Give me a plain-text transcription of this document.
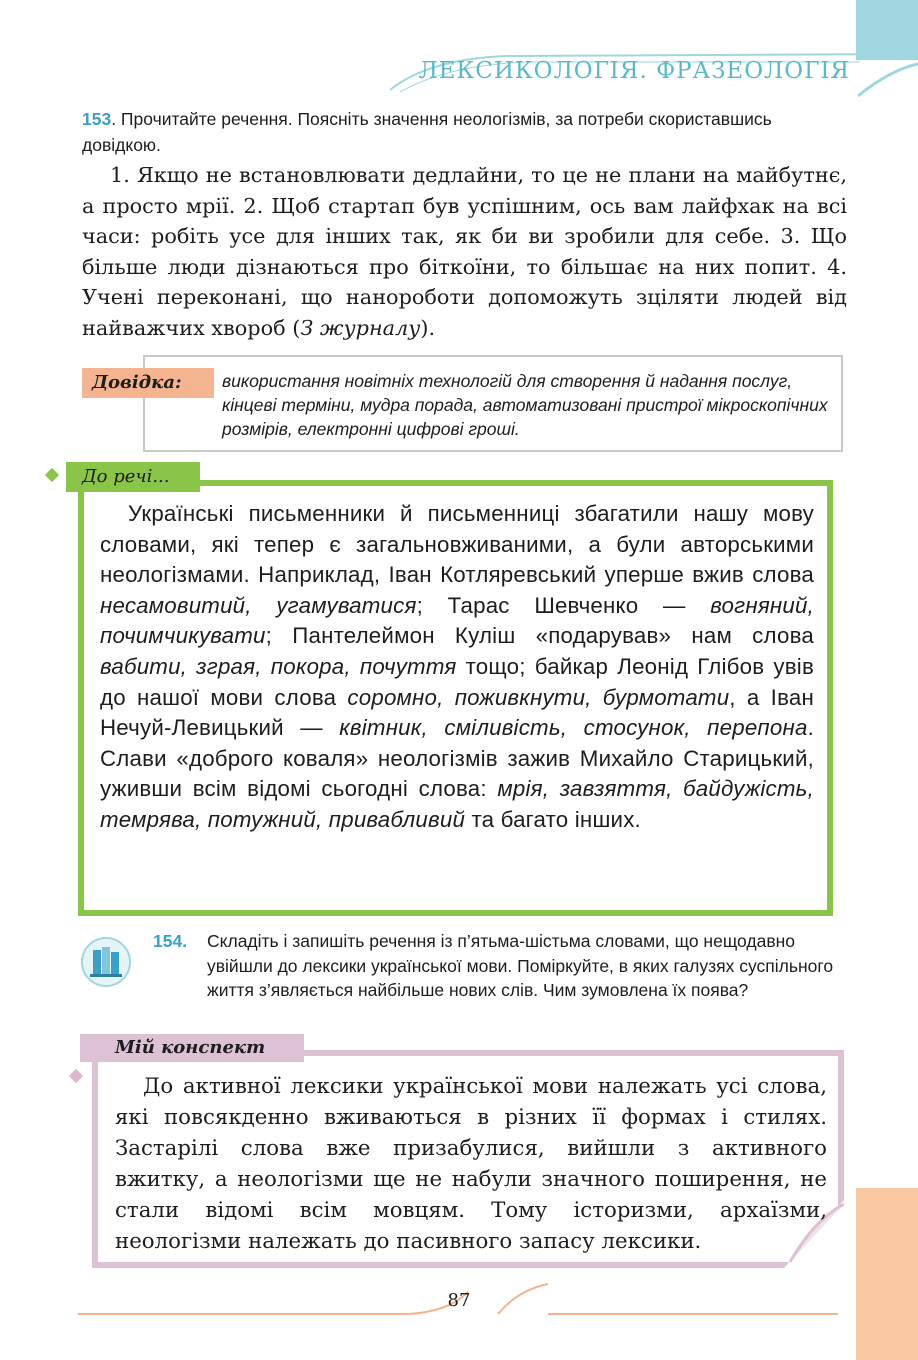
ЛЕКСИКОЛОГІЯ. ФРАЗЕОЛОГІЯ
153. Прочитайте речення. Поясніть значення неологізмів, за потреби скориставшись довідкою.

1. Якщо не встановлювати дедлайни, то це не плани на майбутнє, а просто мрії. 2. Щоб стартап був успішним, ось вам лайфхак на всі часи: робіть усе для інших так, як би ви зробили для себе. 3. Що більше люди дізнаються про біткоїни, то більшає на них попит. 4. Учені переконані, що нанороботи допоможуть зціляти людей від найважчих хвороб (З журналу).

Довідка:	використання новітніх технологій для створення й надання послуг, кінцеві терміни, мудра порада, автоматизовані пристрої мікроскопічних розмірів, електронні цифрові гроші.
До речі...

Українські письменники й письменниці збагатили нашу мову словами, які тепер є загальновживаними, а були авторськими неологізмами. Наприклад, Іван Котляревський уперше вжив слова несамовитий, угамуватися; Тарас Шевченко — вогняний, почимчикувати; Пантелеймон Куліш «подарував» нам слова вабити, зграя, покора, почуття тощо; байкар Леонід Глібов увів до нашої мови слова соромно, поживкнути, бурмотати, а Іван Нечуй-Левицький — квітник, сміливість, стосунок, перепона. Слави «доброго коваля» неологізмів зажив Михайло Старицький, уживши всім відомі сьогодні слова: мрія, завзяття, байдужість, темрява, потужний, привабливий та багато інших.

154. Складіть і запишіть речення із п’ятьма-шістьма словами, що нещодавно увійшли до лексики української мови. Поміркуйте, в яких галузях суспільного життя з’являється найбільше нових слів. Чим зумовлена їх поява?
Мій конспект

До активної лексики української мови належать усі слова, які повсякденно вживаються в різних її формах і стилях. Застарілі слова вже призабулися, вийшли з активного вжитку, а неологізми ще не набули значного поширення, не стали відомі всім мовцям. Тому історизми, архаїзми, неологізми належать до пасивного запасу лексики.

87
